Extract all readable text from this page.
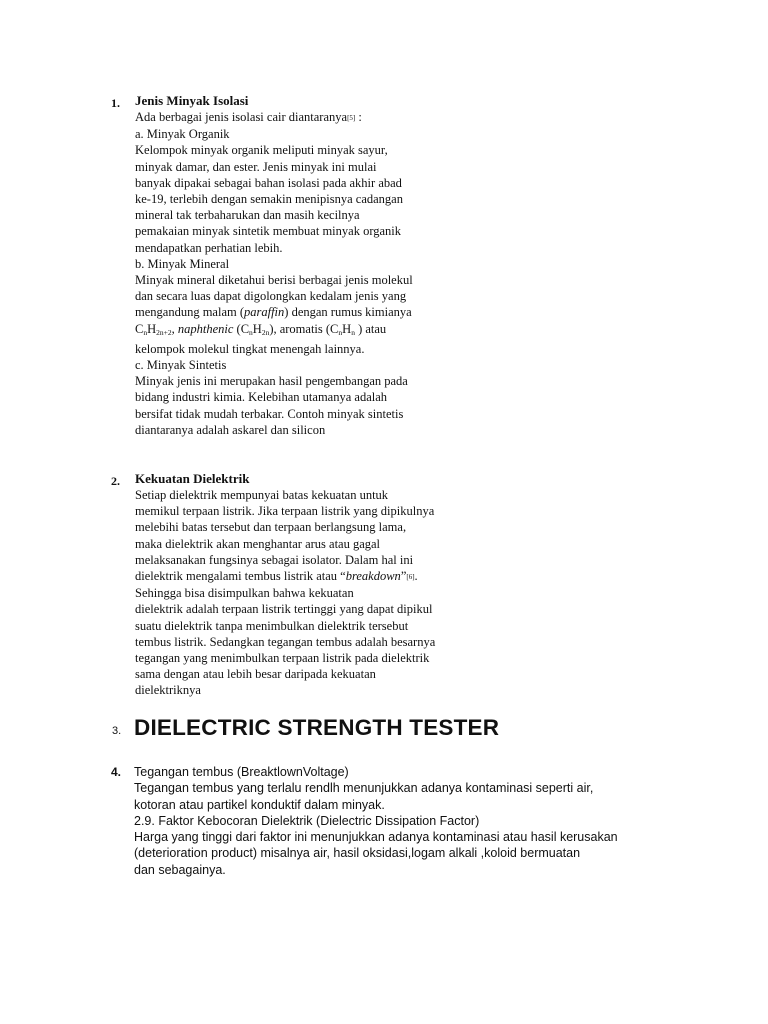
1. Jenis Minyak Isolasi
Ada berbagai jenis isolasi cair diantaranya[5] :
a. Minyak Organik
Kelompok minyak organik meliputi minyak sayur,
minyak damar, dan ester. Jenis minyak ini mulai
banyak dipakai sebagai bahan isolasi pada akhir abad
ke-19, terlebih dengan semakin menipisnya cadangan
mineral tak terbaharukan dan masih kecilnya
pemakaian minyak sintetik membuat minyak organik
mendapatkan perhatian lebih.
b. Minyak Mineral
Minyak mineral diketahui berisi berbagai jenis molekul
dan secara luas dapat digolongkan kedalam jenis yang
mengandung malam (paraffin) dengan rumus kimianya
$C_nH_{2n+2}$, naphthenic $(C_nH_{2n})$, aromatis ($C_nH_n$ ) atau
kelompok molekul tingkat menengah lainnya.
c. Minyak Sintetis
Minyak jenis ini merupakan hasil pengembangan pada
bidang industri kimia. Kelebihan utamanya adalah
bersifat tidak mudah terbakar. Contoh minyak sintetis
diantaranya adalah askarel dan silicon
2. Kekuatan Dielektrik
Setiap dielektrik mempunyai batas kekuatan untuk
memikul terpaan listrik. Jika terpaan listrik yang dipikulnya
melebihi batas tersebut dan terpaan berlangsung lama,
maka dielektrik akan menghantar arus atau gagal
melaksanakan fungsinya sebagai isolator. Dalam hal ini
dielektrik mengalami tembus listrik atau “breakdown”[6].
Sehingga bisa disimpulkan bahwa kekuatan
dielektrik adalah terpaan listrik tertinggi yang dapat dipikul
suatu dielektrik tanpa menimbulkan dielektrik tersebut
tembus listrik. Sedangkan tegangan tembus adalah besarnya
tegangan yang menimbulkan terpaan listrik pada dielektrik
sama dengan atau lebih besar daripada kekuatan
dielektriknya
3. DIELECTRIC STRENGTH TESTER
4. Tegangan tembus (BreaktlownVoltage)
Tegangan tembus yang terlalu rendlh menunjukkan adanya kontaminasi seperti air,
kotoran atau partikel konduktif dalam minyak.
2.9. Faktor Kebocoran Dielektrik (Dielectric Dissipation Factor)
Harga yang tinggi dari faktor ini menunjukkan adanya kontaminasi atau hasil kerusakan
(deterioration product) misalnya air, hasil oksidasi,logam alkali ,koloid bermuatan
dan sebagainya.
